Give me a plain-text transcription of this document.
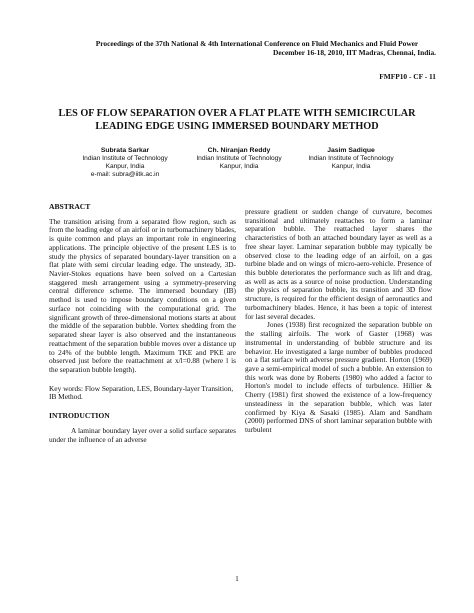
Proceedings of the 37th National & 4th International Conference on Fluid Mechanics and Fluid Power
December 16-18, 2010, IIT Madras, Chennai, India.
FMFP10 - CF - 11
LES OF FLOW SEPARATION OVER A FLAT PLATE WITH SEMICIRCULAR
LEADING EDGE USING IMMERSED BOUNDARY METHOD
Subrata Sarkar
Indian Institute of Technology
Kanpur, India
e-mail: subra@iitk.ac.in
Ch. Niranjan Reddy
Indian Institute of Technology
Kanpur, India
Jasim Sadique
Indian Institute of Technology
Kanpur, India

ABSTRACT

The transition arising from a separated flow region, such as from the leading edge of an airfoil or in turbomachinery blades, is quite common and plays an important role in engineering applications. The principle objective of the present LES is to study the physics of separated boundary-layer transition on a flat plate with semi circular leading edge. The unsteady, 3D-Navier-Stokes equations have been solved on a Cartesian staggered mesh arrangement using a symmetry-preserving central difference scheme. The immersed boundary (IB) method is used to impose boundary conditions on a given surface not coinciding with the computational grid. The significant growth of three-dimensional motions starts at about the middle of the separation bubble. Vortex shedding from the separated shear layer is also observed and the instantaneous reattachment of the separation bubble moves over a distance up to 24% of the bubble length. Maximum TKE and PKE are observed just before the reattachment at x/l=0.88 (where l is the separation bubble length).

Key words: Flow Separation, LES, Boundary-layer Transition, IB Method.

INTRODUCTION

A laminar boundary layer over a solid surface separates under the influence of an adverse

pressure gradient or sudden change of curvature, becomes transitional and ultimately reattaches to form a laminar separation bubble. The reattached layer shares the characteristics of both an attached boundary layer as well as a free shear layer. Laminar separation bubble may typically be observed close to the leading edge of an airfoil, on a gas turbine blade and on wings of micro-aero-vehicle. Presence of this bubble deteriorates the performance such as lift and drag, as well as acts as a source of noise production. Understanding the physics of separation bubble, its transition and 3D flow structure, is required for the efficient design of aeronautics and turbomachinery blades. Hence, it has been a topic of interest for last several decades.

Jones (1938) first recognized the separation bubble on the stalling airfoils. The work of Gaster (1968) was instrumental in understanding of bubble structure and its behavior. He investigated a large number of bubbles produced on a flat surface with adverse pressure gradient. Horton (1969) gave a semi-empirical model of such a bubble. An extension to this work was done by Roberts (1980) who added a factor to Horton's model to include effects of turbulence. Hillier & Cherry (1981) first showed the existence of a low-frequency unsteadiness in the separation bubble, which was later confirmed by Kiya & Sasaki (1985). Alam and Sandham (2000) performed DNS of short laminar separation bubble with turbulent

1
